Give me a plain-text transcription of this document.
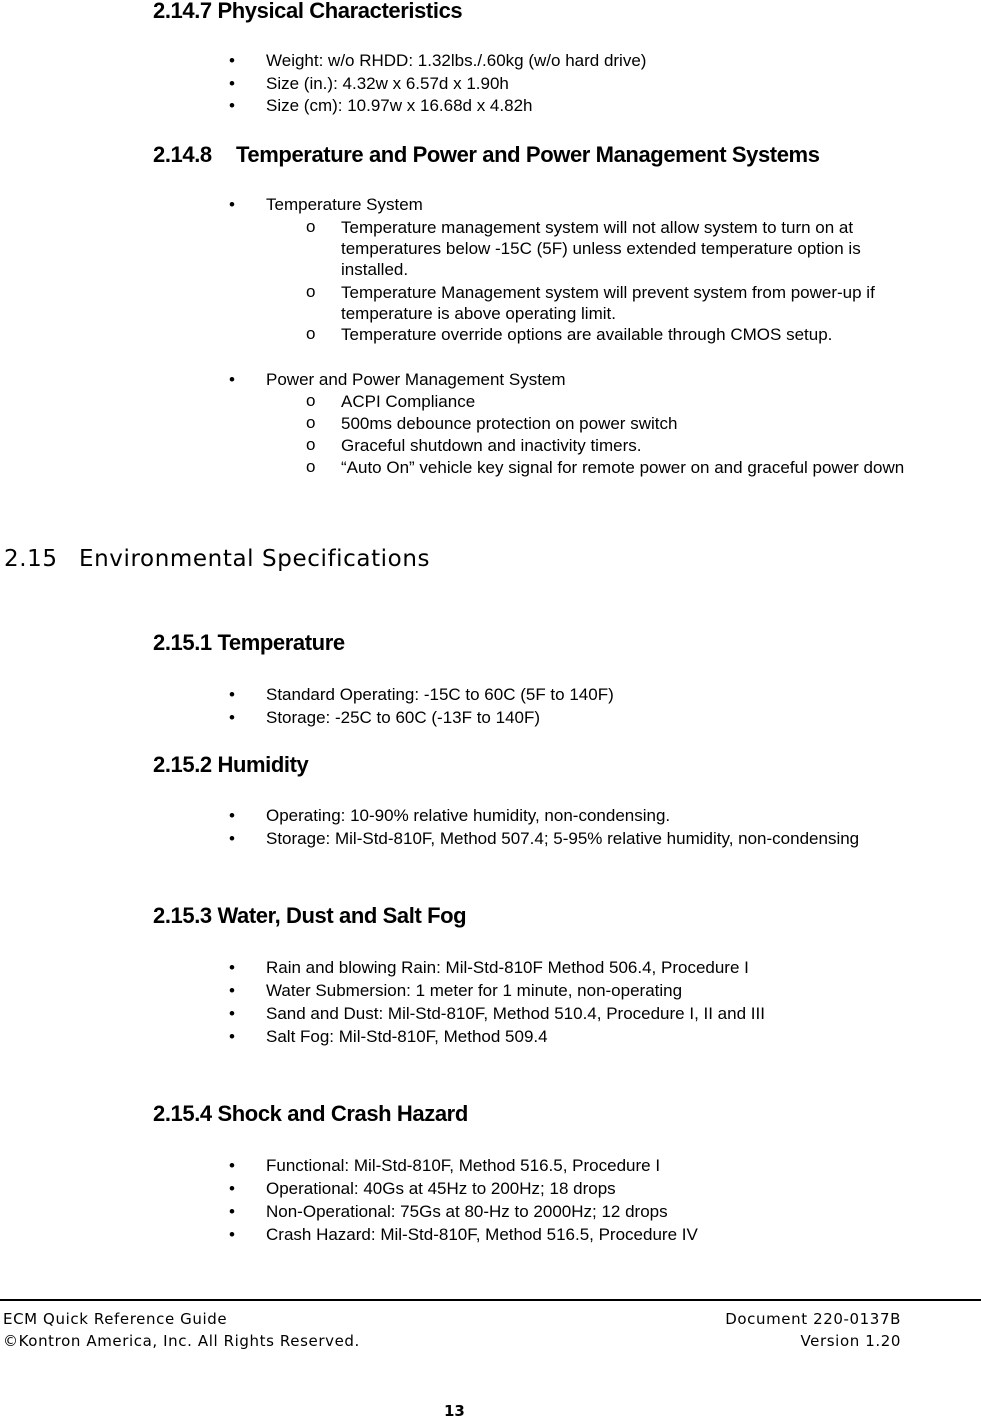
2.14.7 Physical Characteristics
• Weight: w/o RHDD: 1.32lbs./.60kg (w/o hard drive)
• Size (in.): 4.32w x 6.57d x 1.90h
• Size (cm): 10.97w x 16.68d x 4.82h
2.14.8 Temperature and Power and Power Management Systems
• Temperature System
o Temperature management system will not allow system to turn on at
temperatures below -15C (5F) unless extended temperature option is
installed.
o Temperature Management system will prevent system from power-up if
temperature is above operating limit.
o Temperature override options are available through CMOS setup.
• Power and Power Management System
o ACPI Compliance
o 500ms debounce protection on power switch
o Graceful shutdown and inactivity timers.
o “Auto On” vehicle key signal for remote power on and graceful power down
2.15 Environmental Specifications
2.15.1 Temperature
• Standard Operating: -15C to 60C (5F to 140F)
• Storage: -25C to 60C (-13F to 140F)
2.15.2 Humidity
• Operating: 10-90% relative humidity, non-condensing.
• Storage: Mil-Std-810F, Method 507.4; 5-95% relative humidity, non-condensing
2.15.3 Water, Dust and Salt Fog
• Rain and blowing Rain: Mil-Std-810F Method 506.4, Procedure I
• Water Submersion: 1 meter for 1 minute, non-operating
• Sand and Dust: Mil-Std-810F, Method 510.4, Procedure I, II and III
• Salt Fog: Mil-Std-810F, Method 509.4
2.15.4 Shock and Crash Hazard
• Functional: Mil-Std-810F, Method 516.5, Procedure I
• Operational: 40Gs at 45Hz to 200Hz; 18 drops
• Non-Operational: 75Gs at 80-Hz to 2000Hz; 12 drops
• Crash Hazard: Mil-Std-810F, Method 516.5, Procedure IV
ECM Quick Reference Guide	Document 220-0137B
©Kontron America, Inc. All Rights Reserved.	Version 1.20
13
